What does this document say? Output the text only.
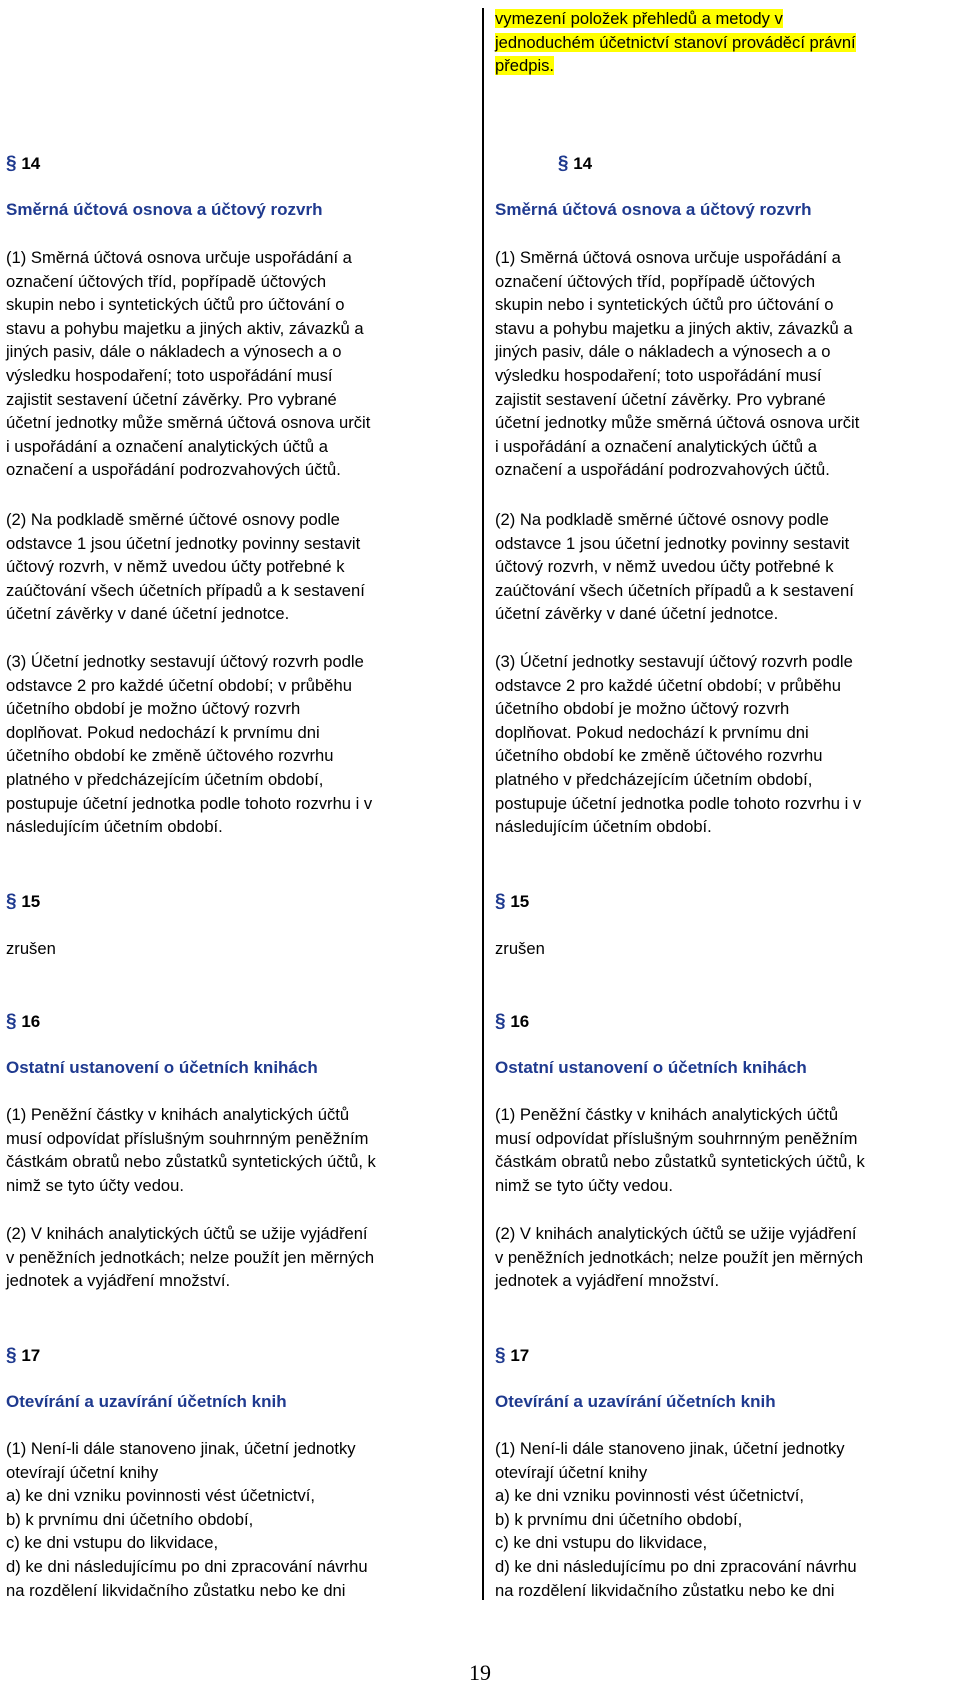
§ 14
Směrná účtová osnova a účtový rozvrh
(1) Směrná účtová osnova určuje uspořádání a
označení účtových tříd, popřípadě účtových
skupin nebo i syntetických účtů pro účtování o
stavu a pohybu majetku a jiných aktiv, závazků a
jiných pasiv, dále o nákladech a výnosech a o
výsledku hospodaření; toto uspořádání musí
zajistit sestavení účetní závěrky. Pro vybrané
účetní jednotky může směrná účtová osnova určit
i uspořádání a označení analytických účtů a
označení a uspořádání podrozvahových účtů.
(2) Na podkladě směrné účtové osnovy podle
odstavce 1 jsou účetní jednotky povinny sestavit
účtový rozvrh, v němž uvedou účty potřebné k
zaúčtování všech účetních případů a k sestavení
účetní závěrky v dané účetní jednotce.
(3) Účetní jednotky sestavují účtový rozvrh podle
odstavce 2 pro každé účetní období; v průběhu
účetního období je možno účtový rozvrh
doplňovat. Pokud nedochází k prvnímu dni
účetního období ke změně účtového rozvrhu
platného v předcházejícím účetním období,
postupuje účetní jednotka podle tohoto rozvrhu i v
následujícím účetním období.
§ 15
zrušen
§ 16
Ostatní ustanovení o účetních knihách
(1) Peněžní částky v knihách analytických účtů
musí odpovídat příslušným souhrnným peněžním
částkám obratů nebo zůstatků syntetických účtů, k
nimž se tyto účty vedou.
(2) V knihách analytických účtů se užije vyjádření
v peněžních jednotkách; nelze použít jen měrných
jednotek a vyjádření množství.
§ 17
Otevírání a uzavírání účetních knih
(1) Není-li dále stanoveno jinak, účetní jednotky
otevírají účetní knihy
a) ke dni vzniku povinnosti vést účetnictví,
b) k prvnímu dni účetního období,
c) ke dni vstupu do likvidace,
d) ke dni následujícímu po dni zpracování návrhu
na rozdělení likvidačního zůstatku nebo ke dni
vymezení položek přehledů a metody v
jednoduchém účetnictví stanoví prováděcí právní
předpis.
§ 14
Směrná účtová osnova a účtový rozvrh
(1) Směrná účtová osnova určuje uspořádání a
označení účtových tříd, popřípadě účtových
skupin nebo i syntetických účtů pro účtování o
stavu a pohybu majetku a jiných aktiv, závazků a
jiných pasiv, dále o nákladech a výnosech a o
výsledku hospodaření; toto uspořádání musí
zajistit sestavení účetní závěrky. Pro vybrané
účetní jednotky může směrná účtová osnova určit
i uspořádání a označení analytických účtů a
označení a uspořádání podrozvahových účtů.
(2) Na podkladě směrné účtové osnovy podle
odstavce 1 jsou účetní jednotky povinny sestavit
účtový rozvrh, v němž uvedou účty potřebné k
zaúčtování všech účetních případů a k sestavení
účetní závěrky v dané účetní jednotce.
(3) Účetní jednotky sestavují účtový rozvrh podle
odstavce 2 pro každé účetní období; v průběhu
účetního období je možno účtový rozvrh
doplňovat. Pokud nedochází k prvnímu dni
účetního období ke změně účtového rozvrhu
platného v předcházejícím účetním období,
postupuje účetní jednotka podle tohoto rozvrhu i v
následujícím účetním období.
§ 15
zrušen
§ 16
Ostatní ustanovení o účetních knihách
(1) Peněžní částky v knihách analytických účtů
musí odpovídat příslušným souhrnným peněžním
částkám obratů nebo zůstatků syntetických účtů, k
nimž se tyto účty vedou.
(2) V knihách analytických účtů se užije vyjádření
v peněžních jednotkách; nelze použít jen měrných
jednotek a vyjádření množství.
§ 17
Otevírání a uzavírání účetních knih
(1) Není-li dále stanoveno jinak, účetní jednotky
otevírají účetní knihy
a) ke dni vzniku povinnosti vést účetnictví,
b) k prvnímu dni účetního období,
c) ke dni vstupu do likvidace,
d) ke dni následujícímu po dni zpracování návrhu
na rozdělení likvidačního zůstatku nebo ke dni
19
